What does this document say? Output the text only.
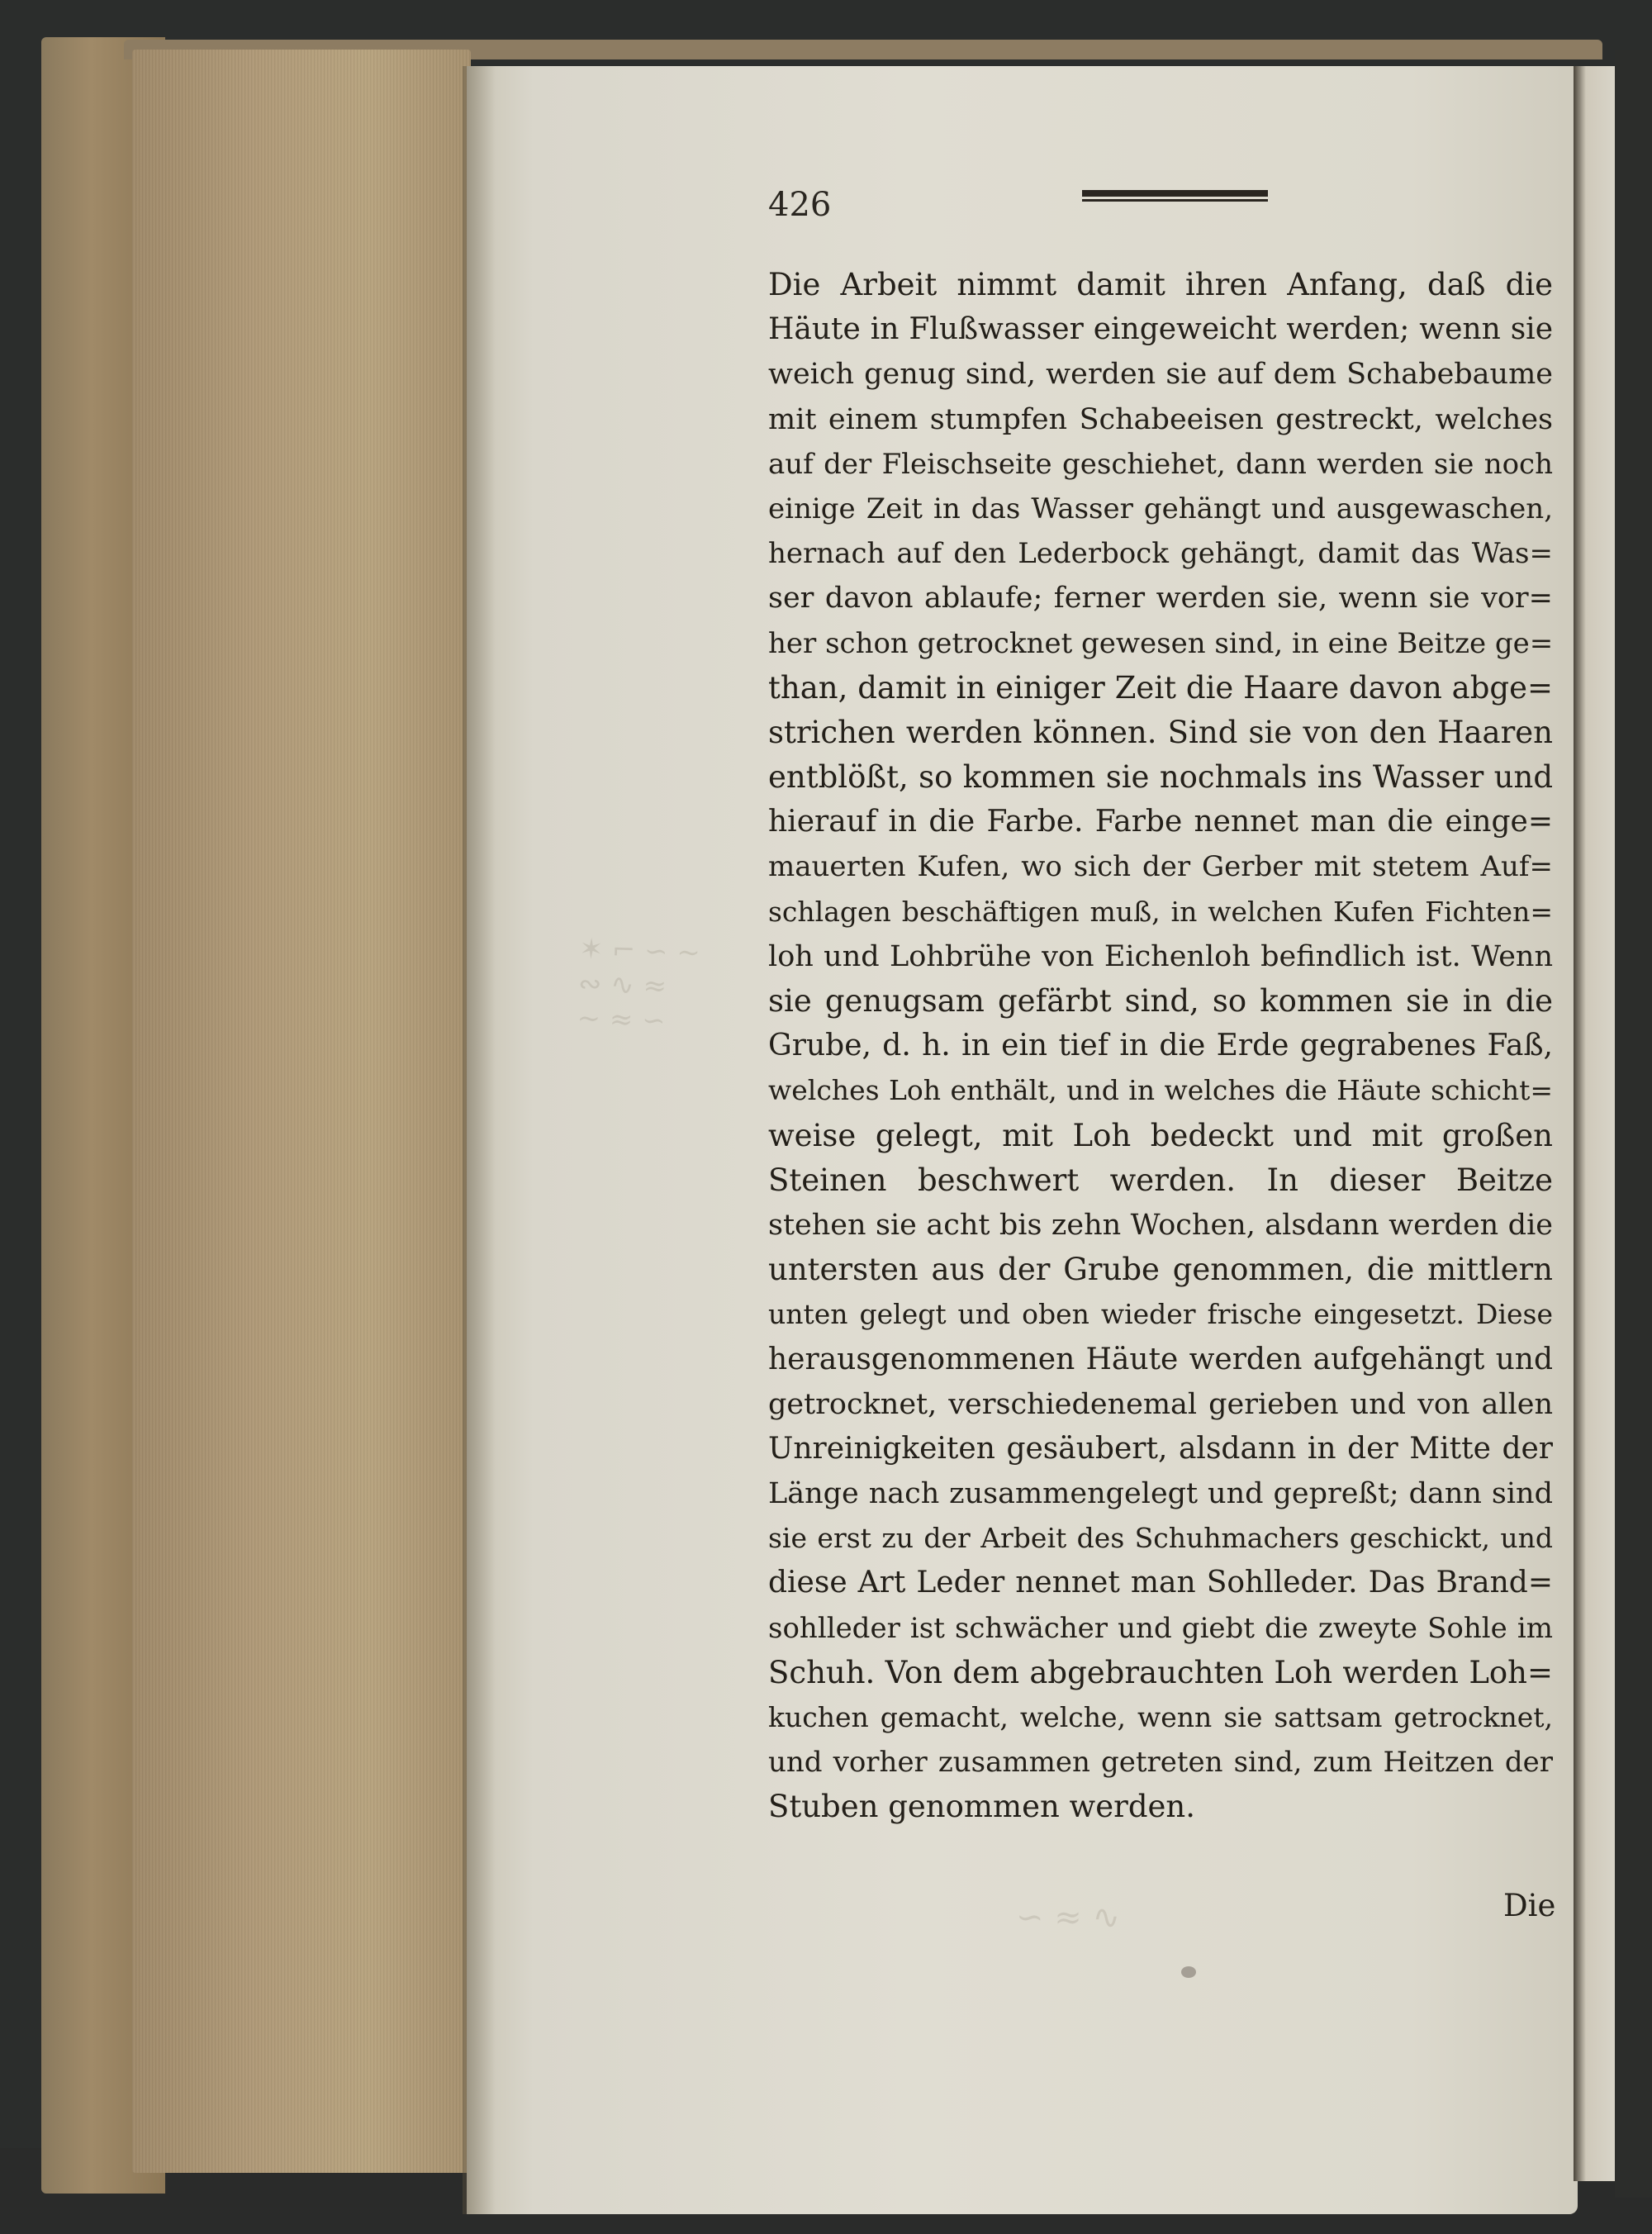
✶ ⌐ ∽ ∼
∾ ∿ ≈
∼ ≈ ∽
∽ ≈ ∿
426
Die Arbeit nimmt damit ihren Anfang, daß die
Häute in Flußwasser eingeweicht werden; wenn sie
weich genug sind, werden sie auf dem Schabebaume
mit einem stumpfen Schabeeisen gestreckt, welches
auf der Fleischseite geschiehet, dann werden sie noch
einige Zeit in das Wasser gehängt und ausgewaschen,
hernach auf den Lederbock gehängt, damit das Was=
ser davon ablaufe; ferner werden sie, wenn sie vor=
her schon getrocknet gewesen sind, in eine Beitze ge=
than, damit in einiger Zeit die Haare davon abge=
strichen werden können. Sind sie von den Haaren
entblößt, so kommen sie nochmals ins Wasser und
hierauf in die Farbe. Farbe nennet man die einge=
mauerten Kufen, wo sich der Gerber mit stetem Auf=
schlagen beschäftigen muß, in welchen Kufen Fichten=
loh und Lohbrühe von Eichenloh befindlich ist. Wenn
sie genugsam gefärbt sind, so kommen sie in die
Grube, d. h. in ein tief in die Erde gegrabenes Faß,
welches Loh enthält, und in welches die Häute schicht=
weise gelegt, mit Loh bedeckt und mit großen
Steinen beschwert werden. In dieser Beitze
stehen sie acht bis zehn Wochen, alsdann werden die
untersten aus der Grube genommen, die mittlern
unten gelegt und oben wieder frische eingesetzt. Diese
herausgenommenen Häute werden aufgehängt und
getrocknet, verschiedenemal gerieben und von allen
Unreinigkeiten gesäubert, alsdann in der Mitte der
Länge nach zusammengelegt und gepreßt; dann sind
sie erst zu der Arbeit des Schuhmachers geschickt, und
diese Art Leder nennet man Sohlleder. Das Brand=
sohlleder ist schwächer und giebt die zweyte Sohle im
Schuh. Von dem abgebrauchten Loh werden Loh=
kuchen gemacht, welche, wenn sie sattsam getrocknet,
und vorher zusammen getreten sind, zum Heitzen der
Stuben genommen werden.
Die
